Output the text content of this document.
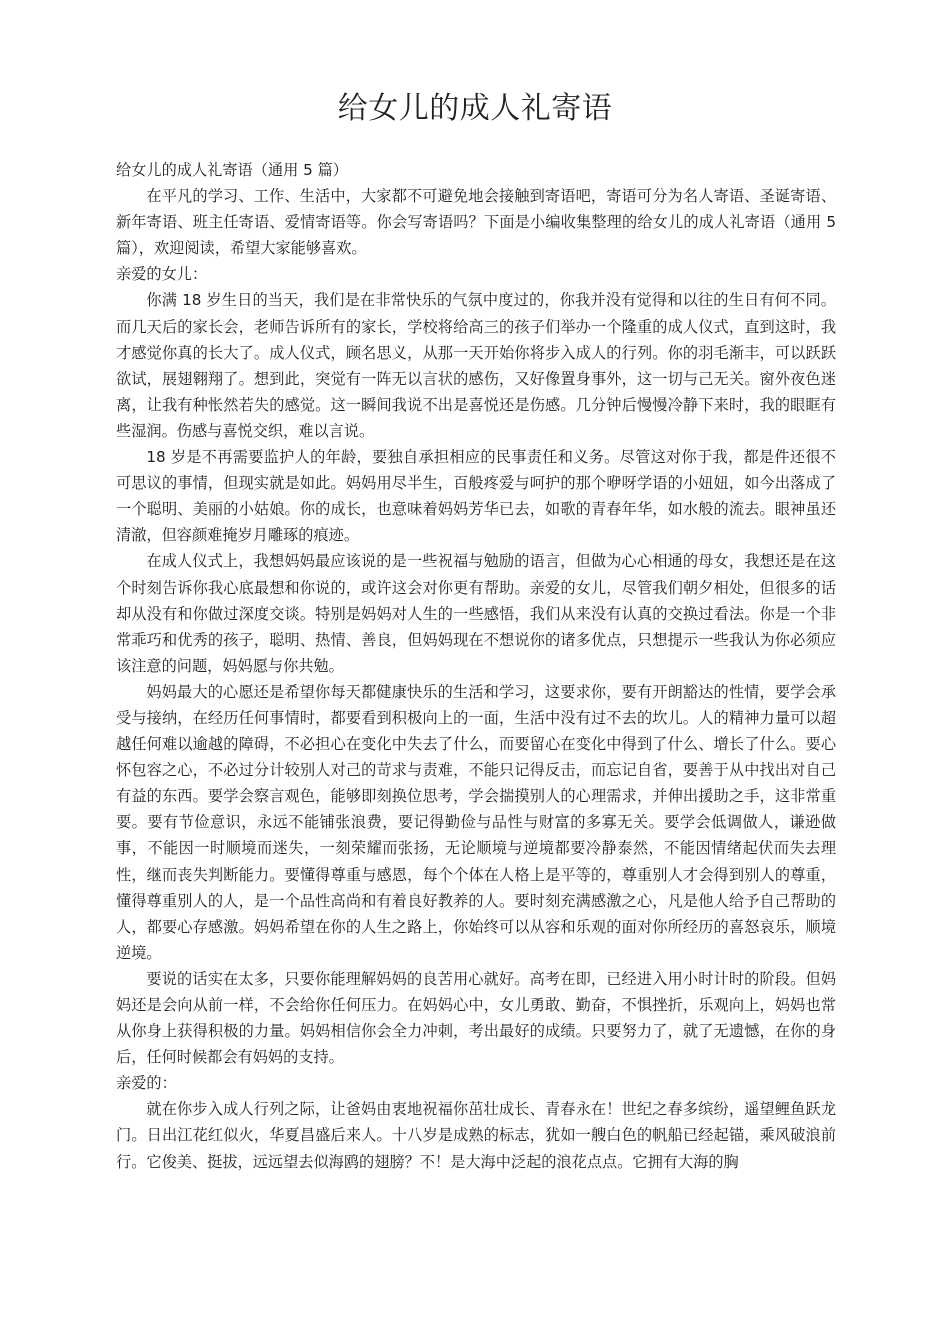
给女儿的成人礼寄语

给女儿的成人礼寄语（通用 5 篇）

在平凡的学习、工作、生活中，大家都不可避免地会接触到寄语吧，寄语可分为名人寄语、圣诞寄语、新年寄语、班主任寄语、爱情寄语等。你会写寄语吗？下面是小编收集整理的给女儿的成人礼寄语（通用 5 篇），欢迎阅读，希望大家能够喜欢。

亲爱的女儿：

你满 18 岁生日的当天，我们是在非常快乐的气氛中度过的，你我并没有觉得和以往的生日有何不同。而几天后的家长会，老师告诉所有的家长，学校将给高三的孩子们举办一个隆重的成人仪式，直到这时，我才感觉你真的长大了。成人仪式，顾名思义，从那一天开始你将步入成人的行列。你的羽毛渐丰，可以跃跃欲试，展翅翱翔了。想到此，突觉有一阵无以言状的感伤，又好像置身事外，这一切与己无关。窗外夜色迷离，让我有种怅然若失的感觉。这一瞬间我说不出是喜悦还是伤感。几分钟后慢慢冷静下来时，我的眼眶有些湿润。伤感与喜悦交织，难以言说。

18 岁是不再需要监护人的年龄，要独自承担相应的民事责任和义务。尽管这对你于我，都是件还很不可思议的事情，但现实就是如此。妈妈用尽半生，百般疼爱与呵护的那个咿呀学语的小妞妞，如今出落成了一个聪明、美丽的小姑娘。你的成长，也意味着妈妈芳华已去，如歌的青春年华，如水般的流去。眼神虽还清澈，但容颜难掩岁月雕琢的痕迹。

在成人仪式上，我想妈妈最应该说的是一些祝福与勉励的语言，但做为心心相通的母女，我想还是在这个时刻告诉你我心底最想和你说的，或许这会对你更有帮助。亲爱的女儿，尽管我们朝夕相处，但很多的话却从没有和你做过深度交谈。特别是妈妈对人生的一些感悟，我们从来没有认真的交换过看法。你是一个非常乖巧和优秀的孩子，聪明、热情、善良，但妈妈现在不想说你的诸多优点，只想提示一些我认为你必须应该注意的问题，妈妈愿与你共勉。

妈妈最大的心愿还是希望你每天都健康快乐的生活和学习，这要求你，要有开朗豁达的性情，要学会承受与接纳，在经历任何事情时，都要看到积极向上的一面，生活中没有过不去的坎儿。人的精神力量可以超越任何难以逾越的障碍，不必担心在变化中失去了什么，而要留心在变化中得到了什么、增长了什么。要心怀包容之心，不必过分计较别人对己的苛求与责难，不能只记得反击，而忘记自省，要善于从中找出对自己有益的东西。要学会察言观色，能够即刻换位思考，学会揣摸别人的心理需求，并伸出援助之手，这非常重要。要有节俭意识，永远不能铺张浪费，要记得勤俭与品性与财富的多寡无关。要学会低调做人，谦逊做事，不能因一时顺境而迷失，一刻荣耀而张扬，无论顺境与逆境都要冷静泰然，不能因情绪起伏而失去理性，继而丧失判断能力。要懂得尊重与感恩，每个个体在人格上是平等的，尊重别人才会得到别人的尊重，懂得尊重别人的人，是一个品性高尚和有着良好教养的人。要时刻充满感激之心，凡是他人给予自己帮助的人，都要心存感激。妈妈希望在你的人生之路上，你始终可以从容和乐观的面对你所经历的喜怒哀乐，顺境逆境。

要说的话实在太多，只要你能理解妈妈的良苦用心就好。高考在即，已经进入用小时计时的阶段。但妈妈还是会向从前一样，不会给你任何压力。在妈妈心中，女儿勇敢、勤奋，不惧挫折，乐观向上，妈妈也常从你身上获得积极的力量。妈妈相信你会全力冲刺，考出最好的成绩。只要努力了，就了无遗憾，在你的身后，任何时候都会有妈妈的支持。

亲爱的：

就在你步入成人行列之际，让爸妈由衷地祝福你茁壮成长、青春永在！世纪之春多缤纷，遥望鲤鱼跃龙门。日出江花红似火，华夏昌盛后来人。十八岁是成熟的标志，犹如一艘白色的帆船已经起锚，乘风破浪前行。它俊美、挺拔，远远望去似海鸥的翅膀？不！是大海中泛起的浪花点点。它拥有大海的胸
